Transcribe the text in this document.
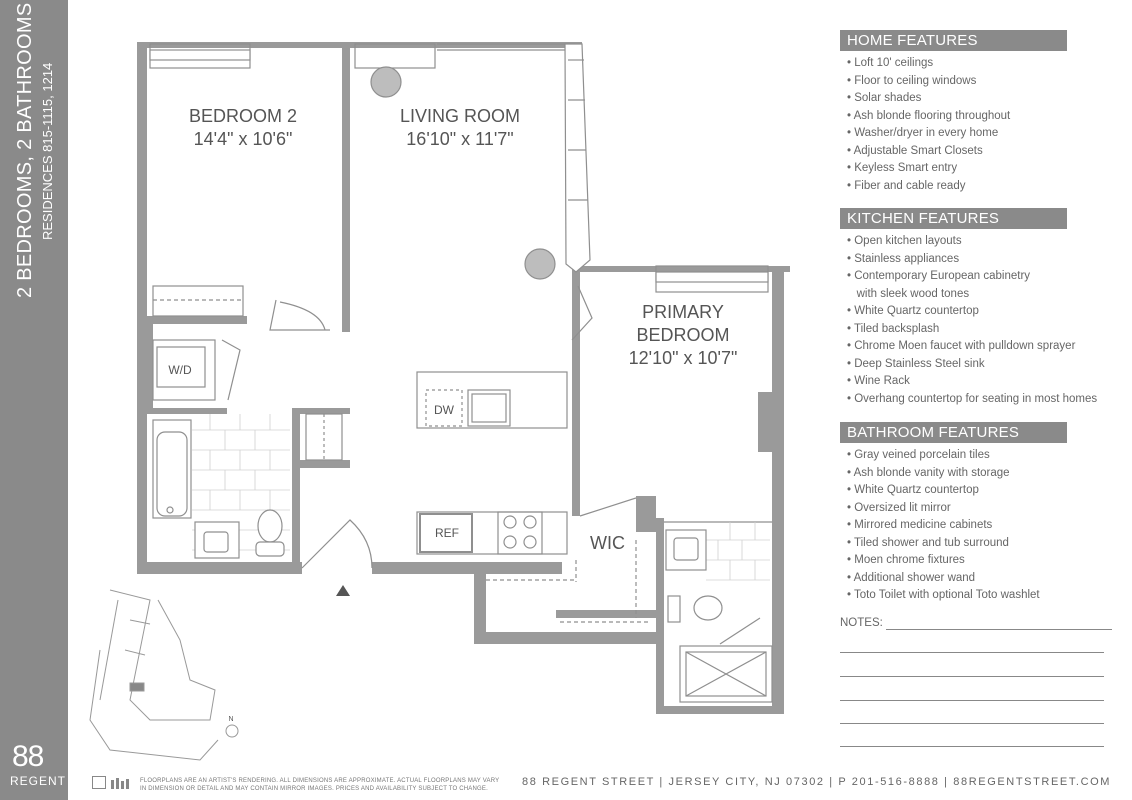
2 BEDROOMS, 2 BATHROOMS RESIDENCES 815-1115, 1214
88
REGENT
BEDROOM 2
14'4" x 10'6"
LIVING ROOM
16'10" x 11'7"
PRIMARY
BEDROOM
12'10" x 10'7"
W/D
DW
REF	WIC
N
FLOORPLANS ARE AN ARTIST'S RENDERING. ALL DIMENSIONS ARE APPROXIMATE. ACTUAL FLOORPLANS MAY VARY IN DIMENSION OR DETAIL AND MAY CONTAIN MIRROR IMAGES. PRICES AND AVAILABILITY SUBJECT TO CHANGE.
88 REGENT STREET | JERSEY CITY, NJ 07302 | P 201-516-8888 | 88REGENTSTREET.COM
HOME FEATURES
• Loft 10' ceilings
• Floor to ceiling windows
• Solar shades
• Ash blonde flooring throughout
• Washer/dryer in every home
• Adjustable Smart Closets
• Keyless Smart entry
• Fiber and cable ready
KITCHEN FEATURES
• Open kitchen layouts
• Stainless appliances
• Contemporary European cabinetry
with sleek wood tones
• White Quartz countertop
• Tiled backsplash
• Chrome Moen faucet with pulldown sprayer
• Deep Stainless Steel sink
• Wine Rack
• Overhang countertop for seating in most homes
BATHROOM FEATURES
• Gray veined porcelain tiles
• Ash blonde vanity with storage
• White Quartz countertop
• Oversized lit mirror
• Mirrored medicine cabinets
• Tiled shower and tub surround
• Moen chrome fixtures
• Additional shower wand
• Toto Toilet with optional Toto washlet
NOTES:
